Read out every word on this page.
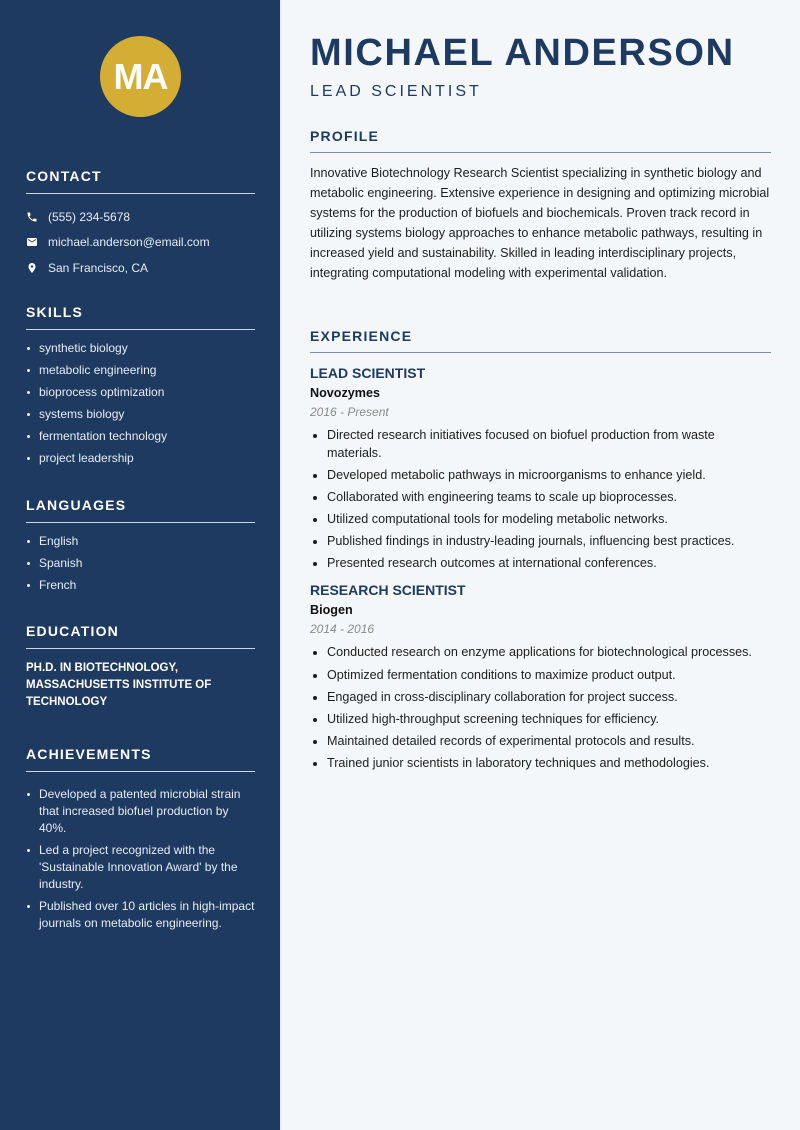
MA
CONTACT
(555) 234-5678
michael.anderson@email.com
San Francisco, CA
SKILLS
synthetic biology
metabolic engineering
bioprocess optimization
systems biology
fermentation technology
project leadership
LANGUAGES
English
Spanish
French
EDUCATION

PH.D. IN BIOTECHNOLOGY, MASSACHUSETTS INSTITUTE OF TECHNOLOGY

ACHIEVEMENTS
Developed a patented microbial strain that increased biofuel production by 40%.
Led a project recognized with the 'Sustainable Innovation Award' by the industry.
Published over 10 articles in high-impact journals on metabolic engineering.
MICHAEL ANDERSON
LEAD SCIENTIST
PROFILE

Innovative Biotechnology Research Scientist specializing in synthetic biology and metabolic engineering. Extensive experience in designing and optimizing microbial systems for the production of biofuels and biochemicals. Proven track record in utilizing systems biology approaches to enhance metabolic pathways, resulting in increased yield and sustainability. Skilled in leading interdisciplinary projects, integrating computational modeling with experimental validation.

EXPERIENCE
LEAD SCIENTIST
Novozymes
2016 - Present
Directed research initiatives focused on biofuel production from waste materials.
Developed metabolic pathways in microorganisms to enhance yield.
Collaborated with engineering teams to scale up bioprocesses.
Utilized computational tools for modeling metabolic networks.
Published findings in industry-leading journals, influencing best practices.
Presented research outcomes at international conferences.
RESEARCH SCIENTIST
Biogen
2014 - 2016
Conducted research on enzyme applications for biotechnological processes.
Optimized fermentation conditions to maximize product output.
Engaged in cross-disciplinary collaboration for project success.
Utilized high-throughput screening techniques for efficiency.
Maintained detailed records of experimental protocols and results.
Trained junior scientists in laboratory techniques and methodologies.
